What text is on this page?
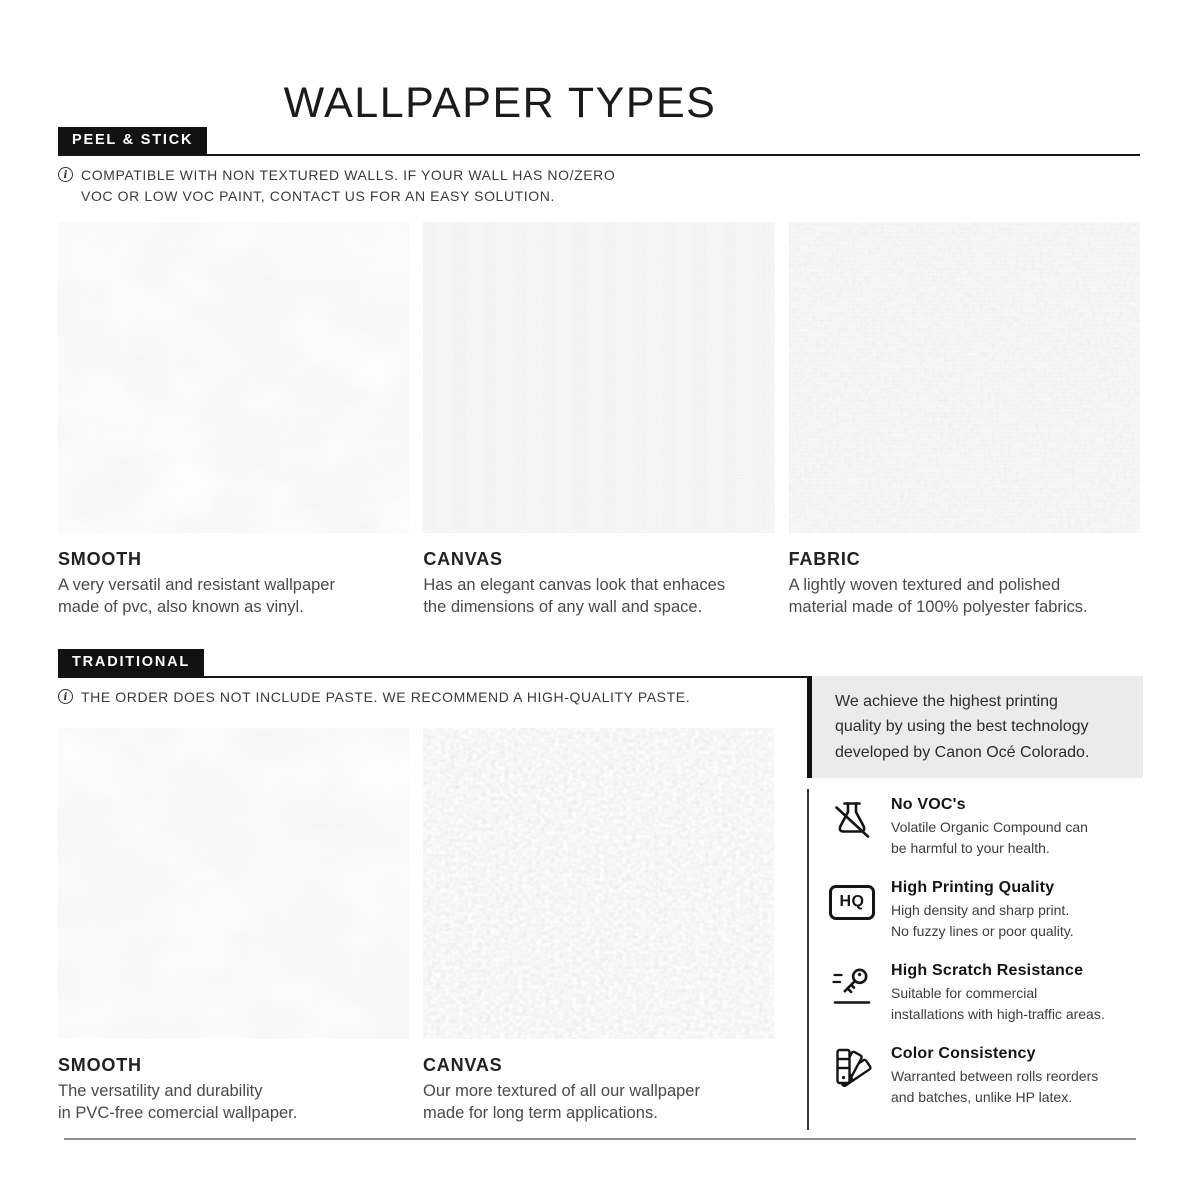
WALLPAPER TYPES
PEEL & STICK
i COMPATIBLE WITH NON TEXTURED WALLS. IF YOUR WALL HAS NO/ZERO
VOC OR LOW VOC PAINT, CONTACT US FOR AN EASY SOLUTION.
SMOOTH
A very versatil and resistant wallpaper
made of pvc, also known as vinyl.
CANVAS
Has an elegant canvas look that enhaces
the dimensions of any wall and space.
FABRIC
A lightly woven textured and polished
material made of 100% polyester fabrics.
TRADITIONAL
i THE ORDER DOES NOT INCLUDE PASTE. WE RECOMMEND A HIGH-QUALITY PASTE.
SMOOTH
The versatility and durability
in PVC-free comercial wallpaper.
CANVAS
Our more textured of all our wallpaper
made for long term applications.
We achieve the highest printing
quality by using the best technology
developed by Canon Océ Colorado.
No VOC's
Volatile Organic Compound can
be harmful to your health.
HQ
High Printing Quality
High density and sharp print.
No fuzzy lines or poor quality.
High Scratch Resistance
Suitable for commercial
installations with high-traffic areas.
Color Consistency
Warranted between rolls reorders
and batches, unlike HP latex.
